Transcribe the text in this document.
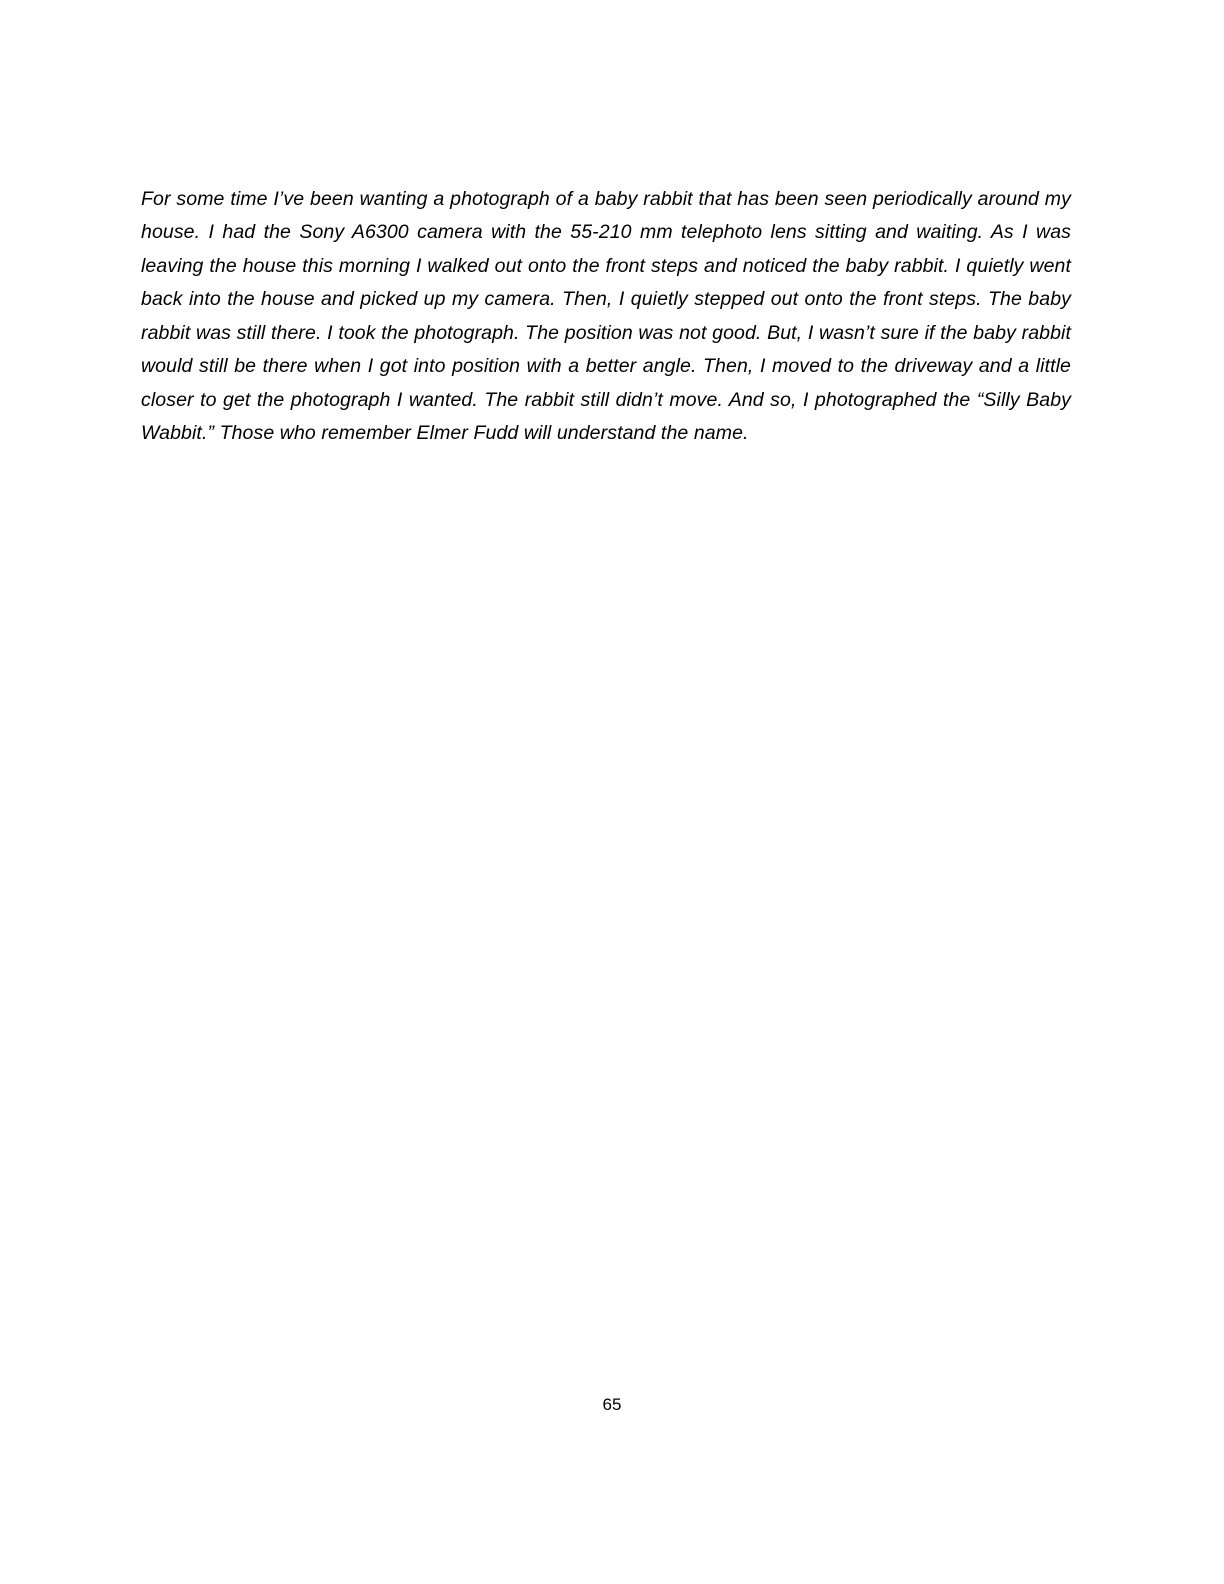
For some time I’ve been wanting a photograph of a baby rabbit that has been seen periodically around my house. I had the Sony A6300 camera with the 55-210 mm telephoto lens sitting and waiting. As I was leaving the house this morning I walked out onto the front steps and noticed the baby rabbit. I quietly went back into the house and picked up my camera. Then, I quietly stepped out onto the front steps. The baby rabbit was still there. I took the photograph. The position was not good. But, I wasn’t sure if the baby rabbit would still be there when I got into position with a better angle. Then, I moved to the driveway and a little closer to get the photograph I wanted. The rabbit still didn’t move. And so, I photographed the “Silly Baby Wabbit.” Those who remember Elmer Fudd will understand the name.

65
